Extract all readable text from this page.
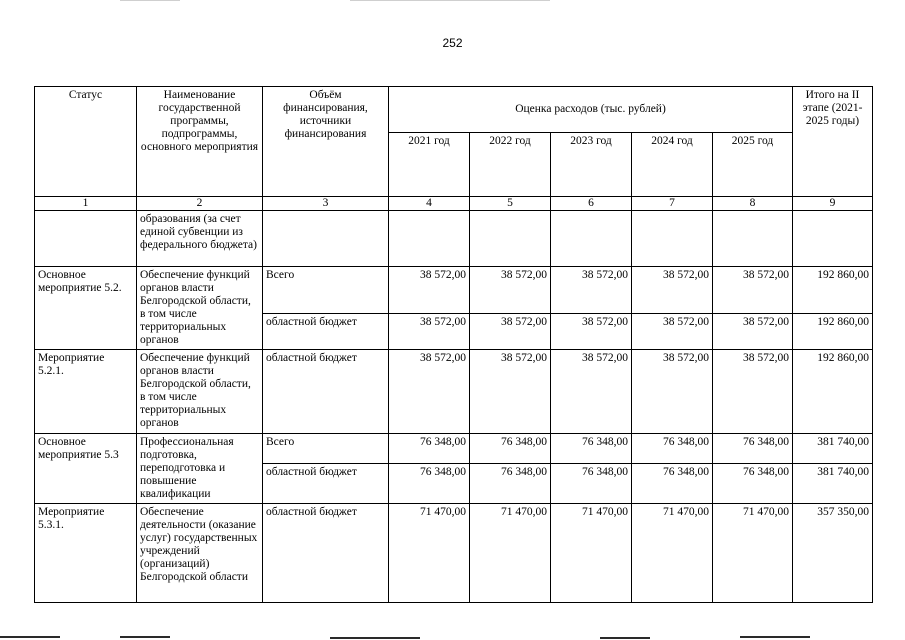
252
Статус	Наименование государственной программы, подпрограммы, основного мероприятия	Объём финансирования, источники финансирования	Оценка расходов (тыс. рублей)					Итого на II этапе (2021-2025 годы)
			2021 год	2022 год	2023 год	2024 год	2025 год	
1	2	3	4	5	6	7	8	9
	образования (за счет единой субвенции из федерального бюджета)							
Основное мероприятие 5.2.	Обеспечение функций органов власти Белгородской области, в том числе территориальных органов	Всего	38 572,00	38 572,00	38 572,00	38 572,00	38 572,00	192 860,00
		областной бюджет	38 572,00	38 572,00	38 572,00	38 572,00	38 572,00	192 860,00
Мероприятие 5.2.1.	Обеспечение функций органов власти Белгородской области, в том числе территориальных органов	областной бюджет	38 572,00	38 572,00	38 572,00	38 572,00	38 572,00	192 860,00
Основное мероприятие 5.3	Профессиональная подготовка, переподготовка и повышение квалификации	Всего	76 348,00	76 348,00	76 348,00	76 348,00	76 348,00	381 740,00
		областной бюджет	76 348,00	76 348,00	76 348,00	76 348,00	76 348,00	381 740,00
Мероприятие 5.3.1.	Обеспечение деятельности (оказание услуг) государственных учреждений (организаций) Белгородской области	областной бюджет	71 470,00	71 470,00	71 470,00	71 470,00	71 470,00	357 350,00
